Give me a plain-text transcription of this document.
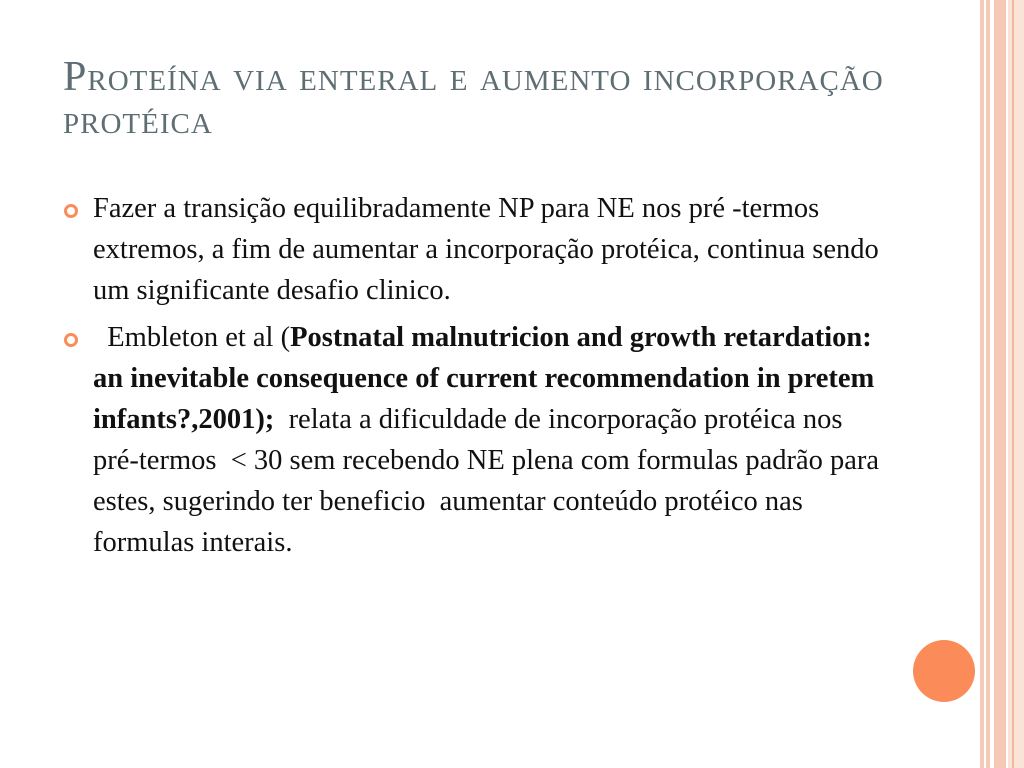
Proteína via enteral e aumento incorporação protéica
Fazer a transição equilibradamente NP para NE nos pré -termos extremos, a fim de aumentar a incorporação protéica, continua sendo um significante desafio clinico.
Embleton et al (Postnatal malnutricion and growth retardation: an inevitable consequence of current recommendation in pretem infants?,2001);  relata a dificuldade de incorporação protéica nos pré-termos  < 30 sem recebendo NE plena com formulas padrão para estes, sugerindo ter beneficio  aumentar conteúdo protéico nas formulas interais.
